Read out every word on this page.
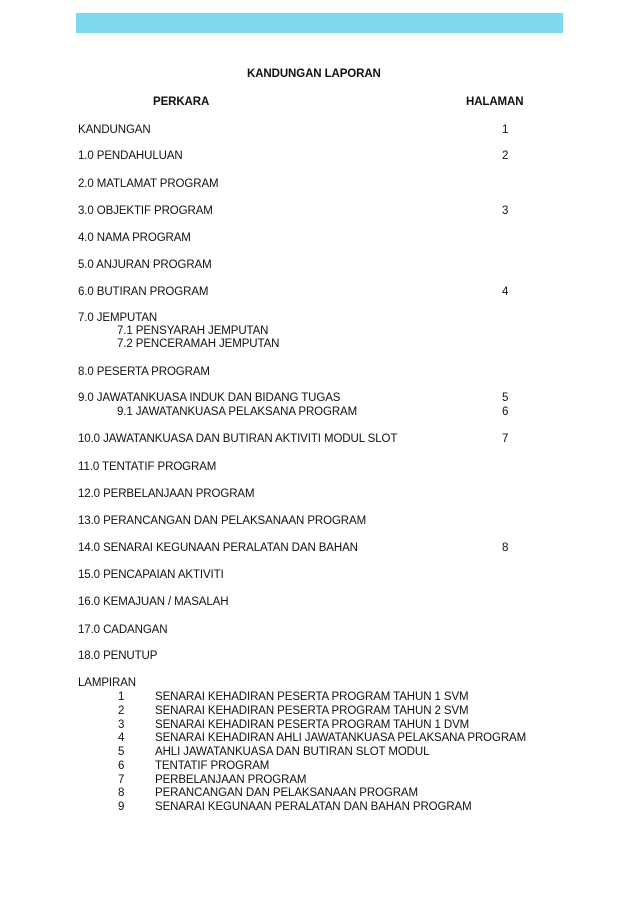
KANDUNGAN LAPORAN
PERKARA	HALAMAN
KANDUNGAN	1
1.0 PENDAHULUAN	2
2.0 MATLAMAT PROGRAM
3.0 OBJEKTIF PROGRAM	3
4.0 NAMA PROGRAM
5.0 ANJURAN PROGRAM
6.0 BUTIRAN PROGRAM	4
7.0 JEMPUTAN
7.1 PENSYARAH JEMPUTAN
7.2 PENCERAMAH JEMPUTAN
8.0 PESERTA PROGRAM
9.0 JAWATANKUASA INDUK DAN BIDANG TUGAS	5
9.1 JAWATANKUASA PELAKSANA PROGRAM	6
10.0 JAWATANKUASA DAN BUTIRAN AKTIVITI MODUL SLOT	7
11.0 TENTATIF PROGRAM
12.0 PERBELANJAAN PROGRAM
13.0 PERANCANGAN DAN PELAKSANAAN PROGRAM
14.0 SENARAI KEGUNAAN PERALATAN DAN BAHAN	8
15.0 PENCAPAIAN AKTIVITI
16.0 KEMAJUAN / MASALAH
17.0 CADANGAN
18.0 PENUTUP
LAMPIRAN
1	SENARAI KEHADIRAN PESERTA PROGRAM TAHUN 1 SVM
2	SENARAI KEHADIRAN PESERTA PROGRAM TAHUN 2 SVM
3	SENARAI KEHADIRAN PESERTA PROGRAM TAHUN 1 DVM
4	SENARAI KEHADIRAN AHLI JAWATANKUASA PELAKSANA PROGRAM
5	AHLI JAWATANKUASA DAN BUTIRAN SLOT MODUL
6	TENTATIF PROGRAM
7	PERBELANJAAN PROGRAM
8	PERANCANGAN DAN PELAKSANAAN PROGRAM
9	SENARAI KEGUNAAN PERALATAN DAN BAHAN PROGRAM
